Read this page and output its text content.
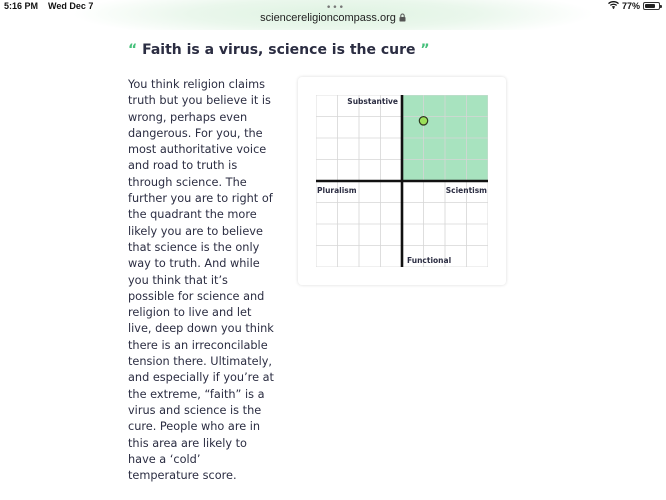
•••
sciencereligioncompass.org
5:16 PM Wed Dec 7	77%
“ Faith is a virus, science is the cure ”
You think religion claims truth but you believe it is wrong, perhaps even dangerous. For you, the most authoritative voice and road to truth is through science. The further you are to right of the quadrant the more likely you are to believe that science is the only way to truth. And while you think that it’s possible for science and religion to live and let live, deep down you think there is an irreconcilable tension there. Ultimately, and especially if you’re at the extreme, “faith” is a virus and science is the cure. People who are in this area are likely to have a ‘cold’ temperature score.
Substantive
Functional
Pluralism	Scientism
